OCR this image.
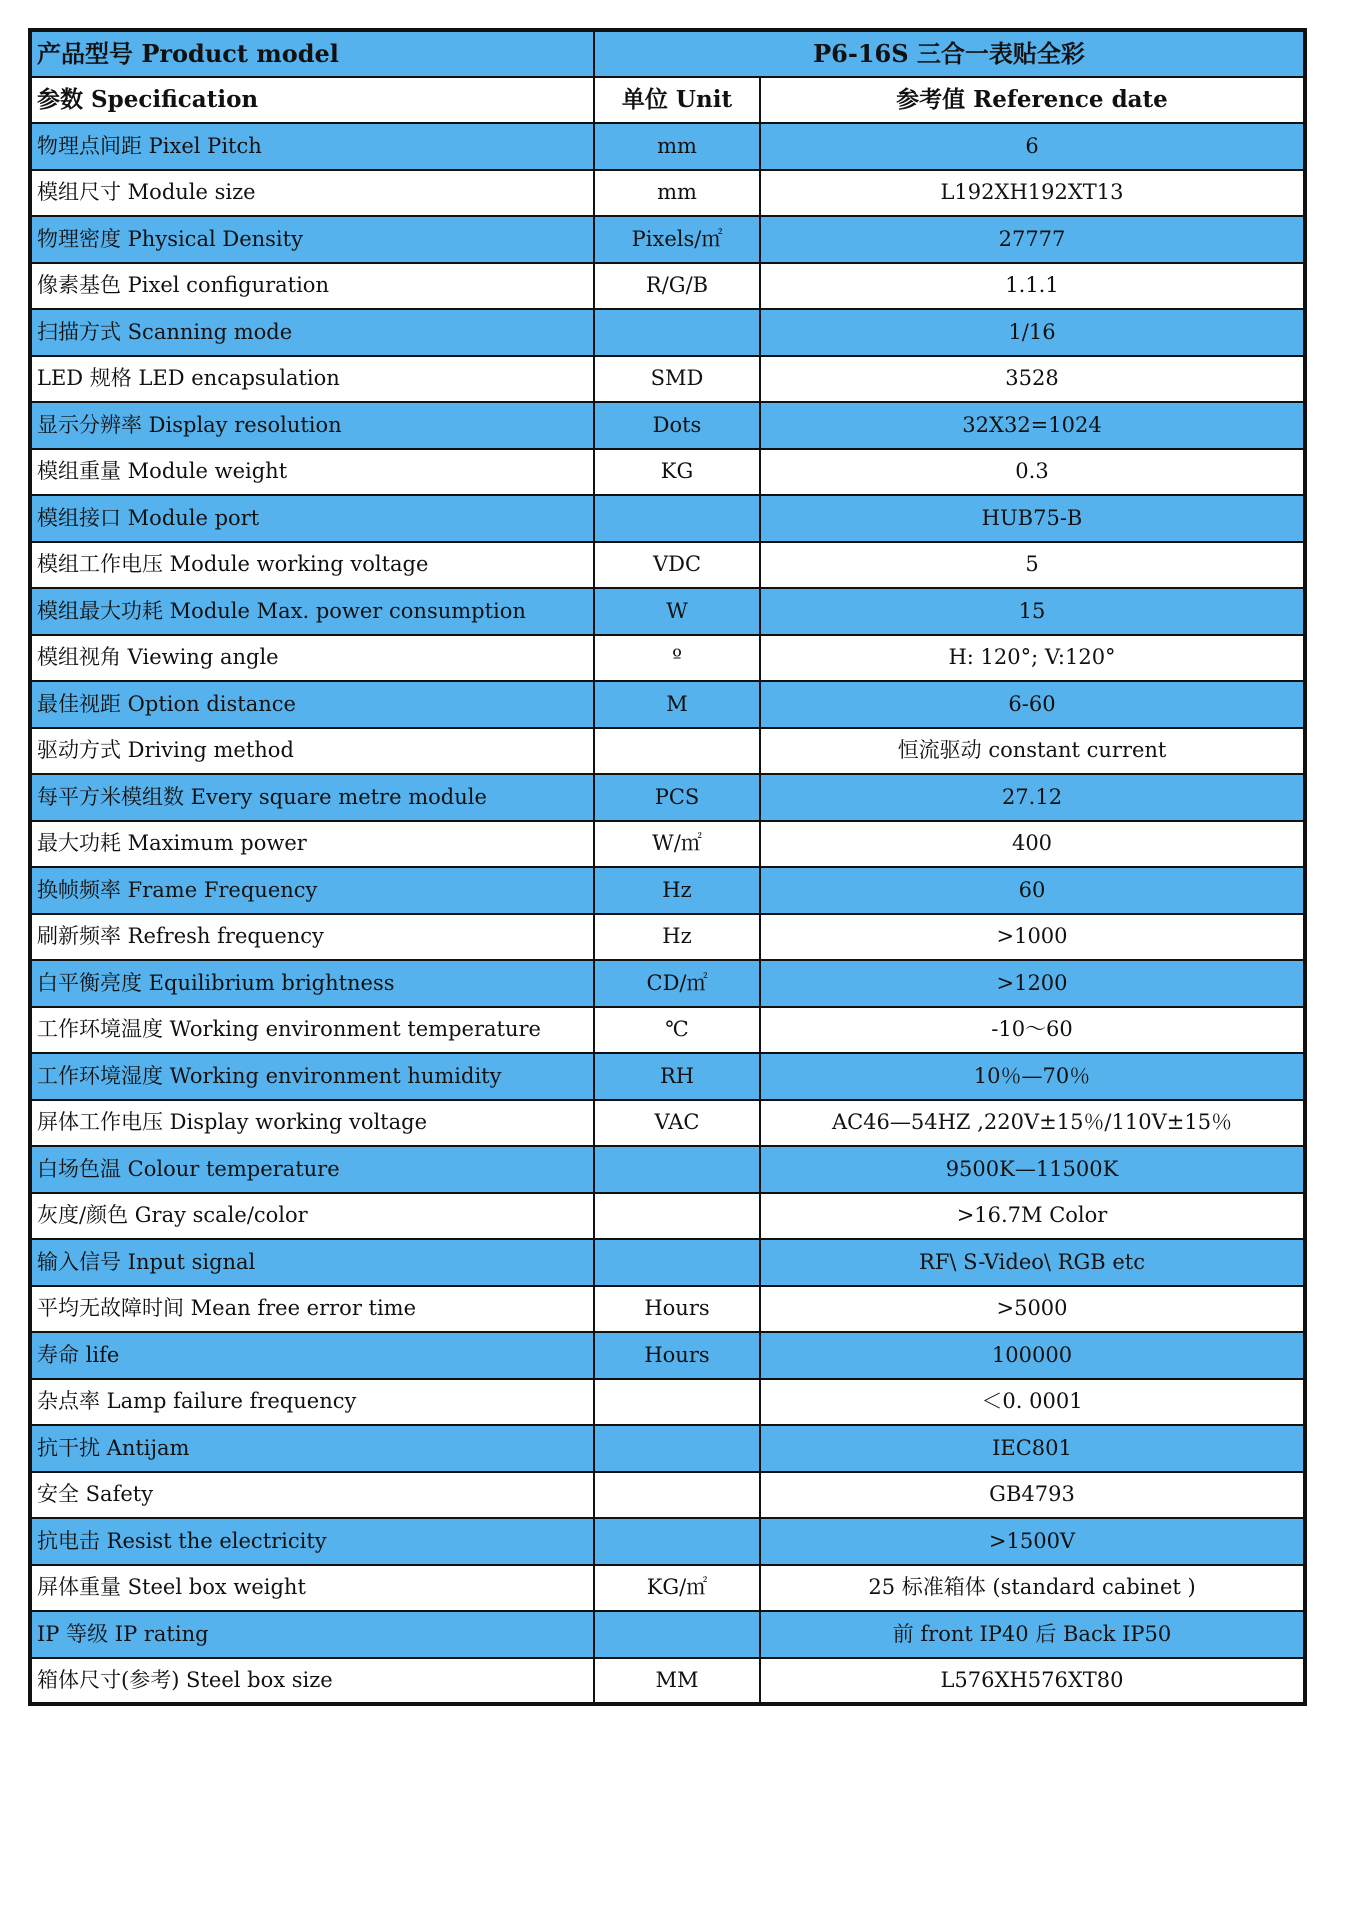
产品型号 Product model	P6-16S 三合一表贴全彩	
参数 Specification	单位 Unit	参考值 Reference date
物理点间距 Pixel Pitch	mm	6
模组尺寸 Module size	mm	L192XH192XT13
物理密度 Physical Density	Pixels/㎡	27777
像素基色 Pixel configuration	R/G/B	1.1.1
扫描方式 Scanning mode		1/16
LED 规格 LED encapsulation	SMD	3528
显示分辨率 Display resolution	Dots	32X32=1024
模组重量 Module weight	KG	0.3
模组接口 Module port		HUB75-B
模组工作电压 Module working voltage	VDC	5
模组最大功耗 Module Max. power consumption	W	15
模组视角 Viewing angle	º	H: 120°; V:120°
最佳视距 Option distance	M	6-60
驱动方式 Driving method		恒流驱动 constant current
每平方米模组数 Every square metre module	PCS	27.12
最大功耗 Maximum power	W/㎡	400
换帧频率 Frame Frequency	Hz	60
刷新频率 Refresh frequency	Hz	>1000
白平衡亮度 Equilibrium brightness	CD/㎡	>1200
工作环境温度 Working environment temperature	℃	-10～60
工作环境湿度 Working environment humidity	RH	10％—70％
屏体工作电压 Display working voltage	VAC	AC46—54HZ ,220V±15％/110V±15％
白场色温 Colour temperature		9500K—11500K
灰度/颜色 Gray scale/color		>16.7M Color
输入信号 Input signal		RF\ S-Video\ RGB etc
平均无故障时间 Mean free error time	Hours	>5000
寿命 life	Hours	100000
杂点率 Lamp failure frequency		＜0. 0001
抗干扰 Antijam		IEC801
安全 Safety		GB4793
抗电击 Resist the electricity		>1500V
屏体重量 Steel box weight	KG/㎡	25 标准箱体 (standard cabinet )
IP 等级 IP rating		前 front IP40 后 Back IP50
箱体尺寸(参考) Steel box size	MM	L576XH576XT80
